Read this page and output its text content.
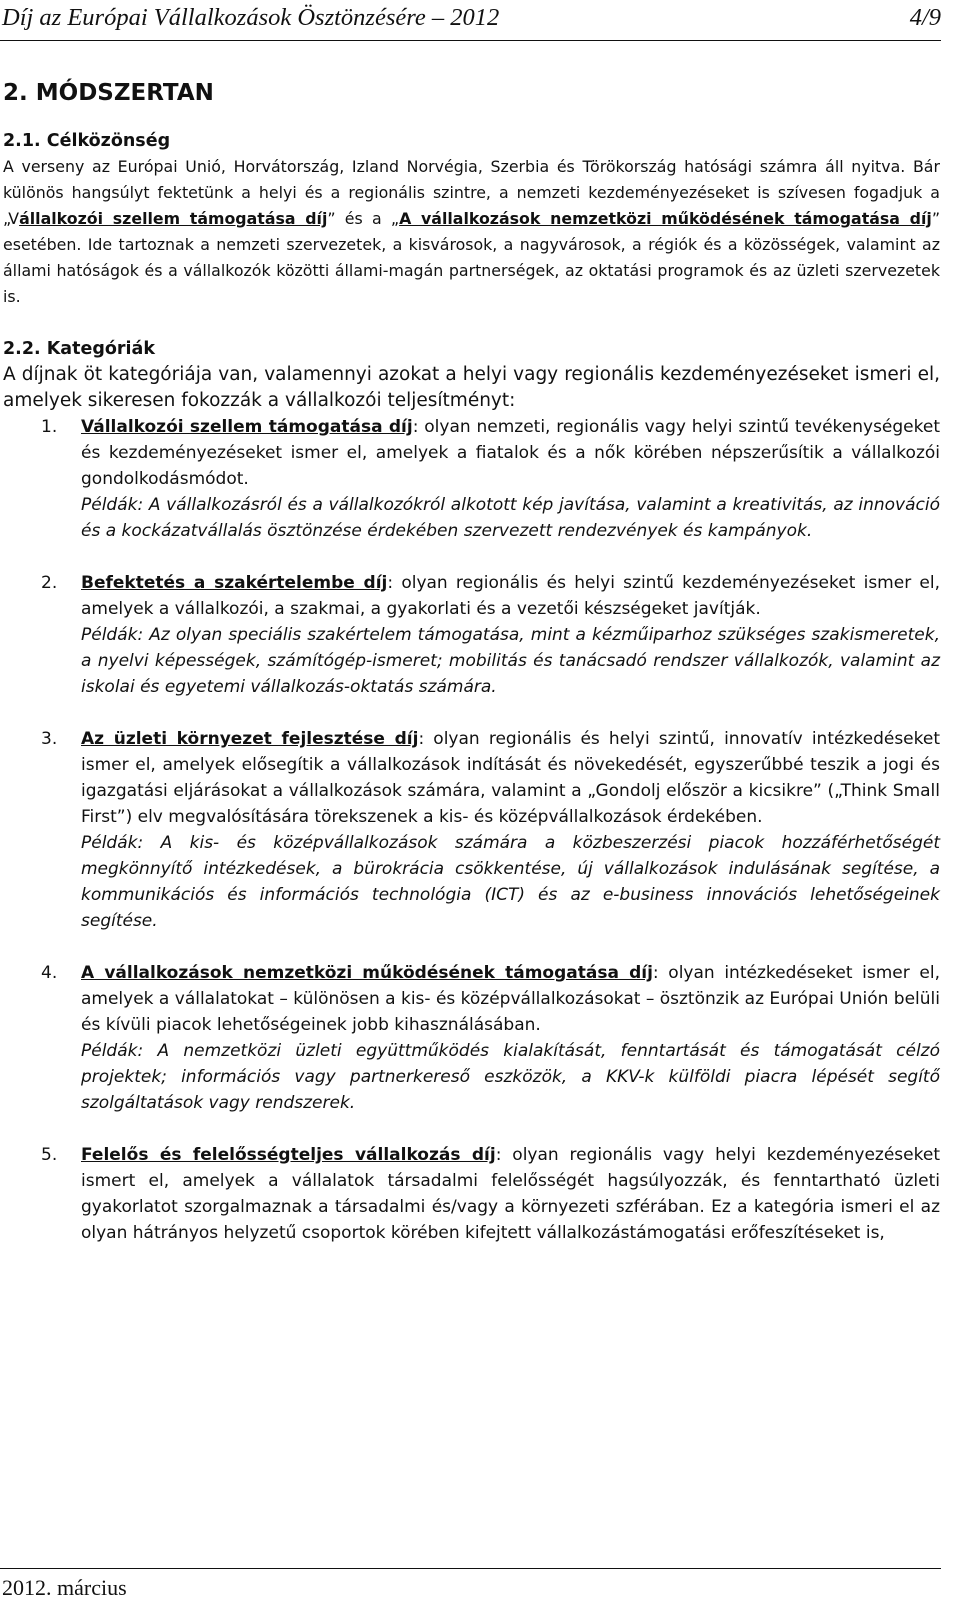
Díj az Európai Vállalkozások Ösztönzésére – 2012	4/9
2. MÓDSZERTAN
2.1. Célközönség

A verseny az Európai Unió, Horvátország, Izland Norvégia, Szerbia és Törökország hatósági számra áll nyitva. Bár különös hangsúlyt fektetünk a helyi és a regionális szintre, a nemzeti kezdeményezéseket is szívesen fogadjuk a „Vállalkozói szellem támogatása díj” és a „A vállalkozások nemzetközi működésének támogatása díj” esetében. Ide tartoznak a nemzeti szervezetek, a kisvárosok, a nagyvárosok, a régiók és a közösségek, valamint az állami hatóságok és a vállalkozók közötti állami-magán partnerségek, az oktatási programok és az üzleti szervezetek is.

2.2. Kategóriák

A díjnak öt kategóriája van, valamennyi azokat a helyi vagy regionális kezdeményezéseket ismeri el, amelyek sikeresen fokozzák a vállalkozói teljesítményt:

1. Vállalkozói szellem támogatása díj: olyan nemzeti, regionális vagy helyi szintű tevékenységeket és kezdeményezéseket ismer el, amelyek a fiatalok és a nők körében népszerűsítik a vállalkozói gondolkodásmódot.

Példák: A vállalkozásról és a vállalkozókról alkotott kép javítása, valamint a kreativitás, az innováció és a kockázatvállalás ösztönzése érdekében szervezett rendezvények és kampányok.

2. Befektetés a szakértelembe díj: olyan regionális és helyi szintű kezdeményezéseket ismer el, amelyek a vállalkozói, a szakmai, a gyakorlati és a vezetői készségeket javítják.

Példák: Az olyan speciális szakértelem támogatása, mint a kézműiparhoz szükséges szakismeretek, a nyelvi képességek, számítógép-ismeret; mobilitás és tanácsadó rendszer vállalkozók, valamint az iskolai és egyetemi vállalkozás-oktatás számára.

3. Az üzleti környezet fejlesztése díj: olyan regionális és helyi szintű, innovatív intézkedéseket ismer el, amelyek elősegítik a vállalkozások indítását és növekedését, egyszerűbbé teszik a jogi és igazgatási eljárásokat a vállalkozások számára, valamint a „Gondolj először a kicsikre” („Think Small First”) elv megvalósítására törekszenek a kis- és középvállalkozások érdekében.

Példák: A kis- és középvállalkozások számára a közbeszerzési piacok hozzáférhetőségét megkönnyítő intézkedések, a bürokrácia csökkentése, új vállalkozások indulásának segítése, a kommunikációs és információs technológia (ICT) és az e-business innovációs lehetőségeinek segítése.

4. A vállalkozások nemzetközi működésének támogatása díj: olyan intézkedéseket ismer el, amelyek a vállalatokat – különösen a kis- és középvállalkozásokat – ösztönzik az Európai Unión belüli és kívüli piacok lehetőségeinek jobb kihasználásában.

Példák: A nemzetközi üzleti együttműködés kialakítását, fenntartását és támogatását célzó projektek; információs vagy partnerkereső eszközök, a KKV-k külföldi piacra lépését segítő szolgáltatások vagy rendszerek.

5. Felelős és felelősségteljes vállalkozás díj: olyan regionális vagy helyi kezdeményezéseket ismert el, amelyek a vállalatok társadalmi felelősségét hagsúlyozzák, és fenntartható üzleti gyakorlatot szorgalmaznak a társadalmi és/vagy a környezeti szférában. Ez a kategória ismeri el az olyan hátrányos helyzetű csoportok körében kifejtett vállalkozástámogatási erőfeszítéseket is,

2012. március
